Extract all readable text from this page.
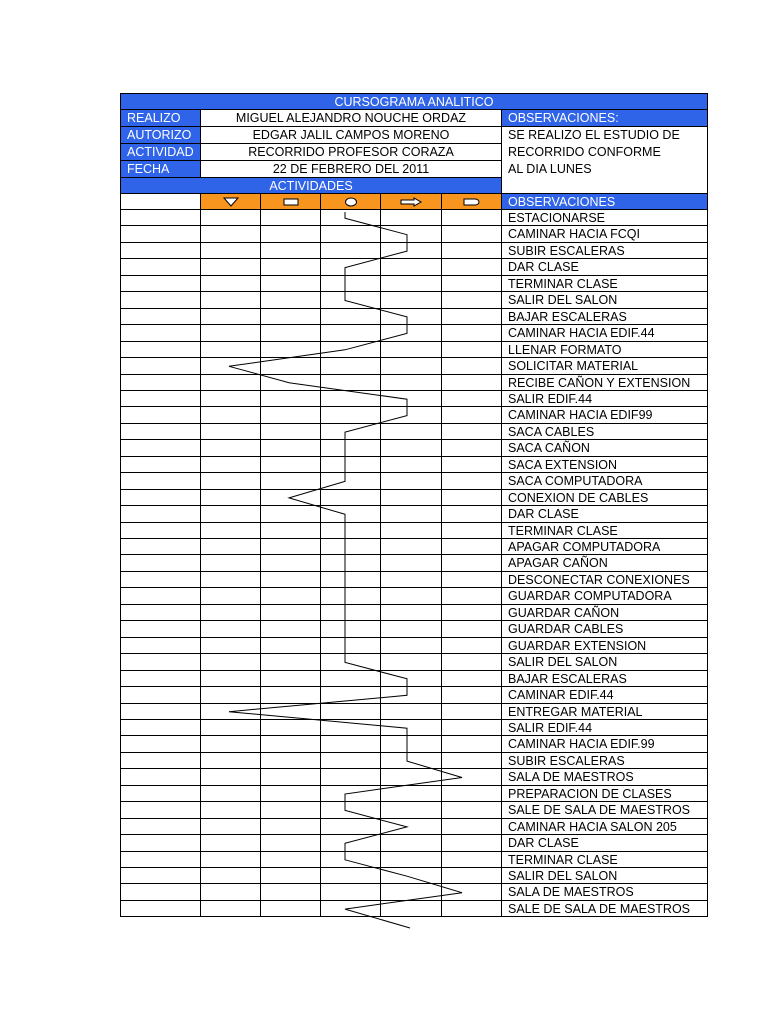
CURSOGRAMA ANALITICO
REALIZO	MIGUEL ALEJANDRO NOUCHE ORDAZ
AUTORIZO	EDGAR JALIL CAMPOS MORENO
ACTIVIDAD	RECORRIDO PROFESOR CORAZA
FECHA	22 DE FEBRERO DEL 2011
ACTIVIDADES
OBSERVACIONES:
SE REALIZO EL ESTUDIO DE
RECORRIDO CONFORME
AL DIA LUNES
OBSERVACIONES
ESTACIONARSE
CAMINAR HACIA FCQI
SUBIR ESCALERAS
DAR CLASE
TERMINAR CLASE
SALIR DEL SALON
BAJAR ESCALERAS
CAMINAR HACIA EDIF.44
LLENAR FORMATO
SOLICITAR MATERIAL
RECIBE CAÑON Y EXTENSION
SALIR EDIF.44
CAMINAR HACIA EDIF99
SACA CABLES
SACA CAÑON
SACA EXTENSION
SACA COMPUTADORA
CONEXION DE CABLES
DAR CLASE
TERMINAR CLASE
APAGAR COMPUTADORA
APAGAR CAÑON
DESCONECTAR CONEXIONES
GUARDAR COMPUTADORA
GUARDAR CAÑON
GUARDAR CABLES
GUARDAR EXTENSION
SALIR DEL SALON
BAJAR ESCALERAS
CAMINAR EDIF.44
ENTREGAR MATERIAL
SALIR EDIF.44
CAMINAR HACIA EDIF.99
SUBIR ESCALERAS
SALA DE MAESTROS
PREPARACION DE CLASES
SALE DE SALA DE MAESTROS
CAMINAR HACIA SALON 205
DAR CLASE
TERMINAR CLASE
SALIR DEL SALON
SALA DE MAESTROS
SALE DE SALA DE MAESTROS
